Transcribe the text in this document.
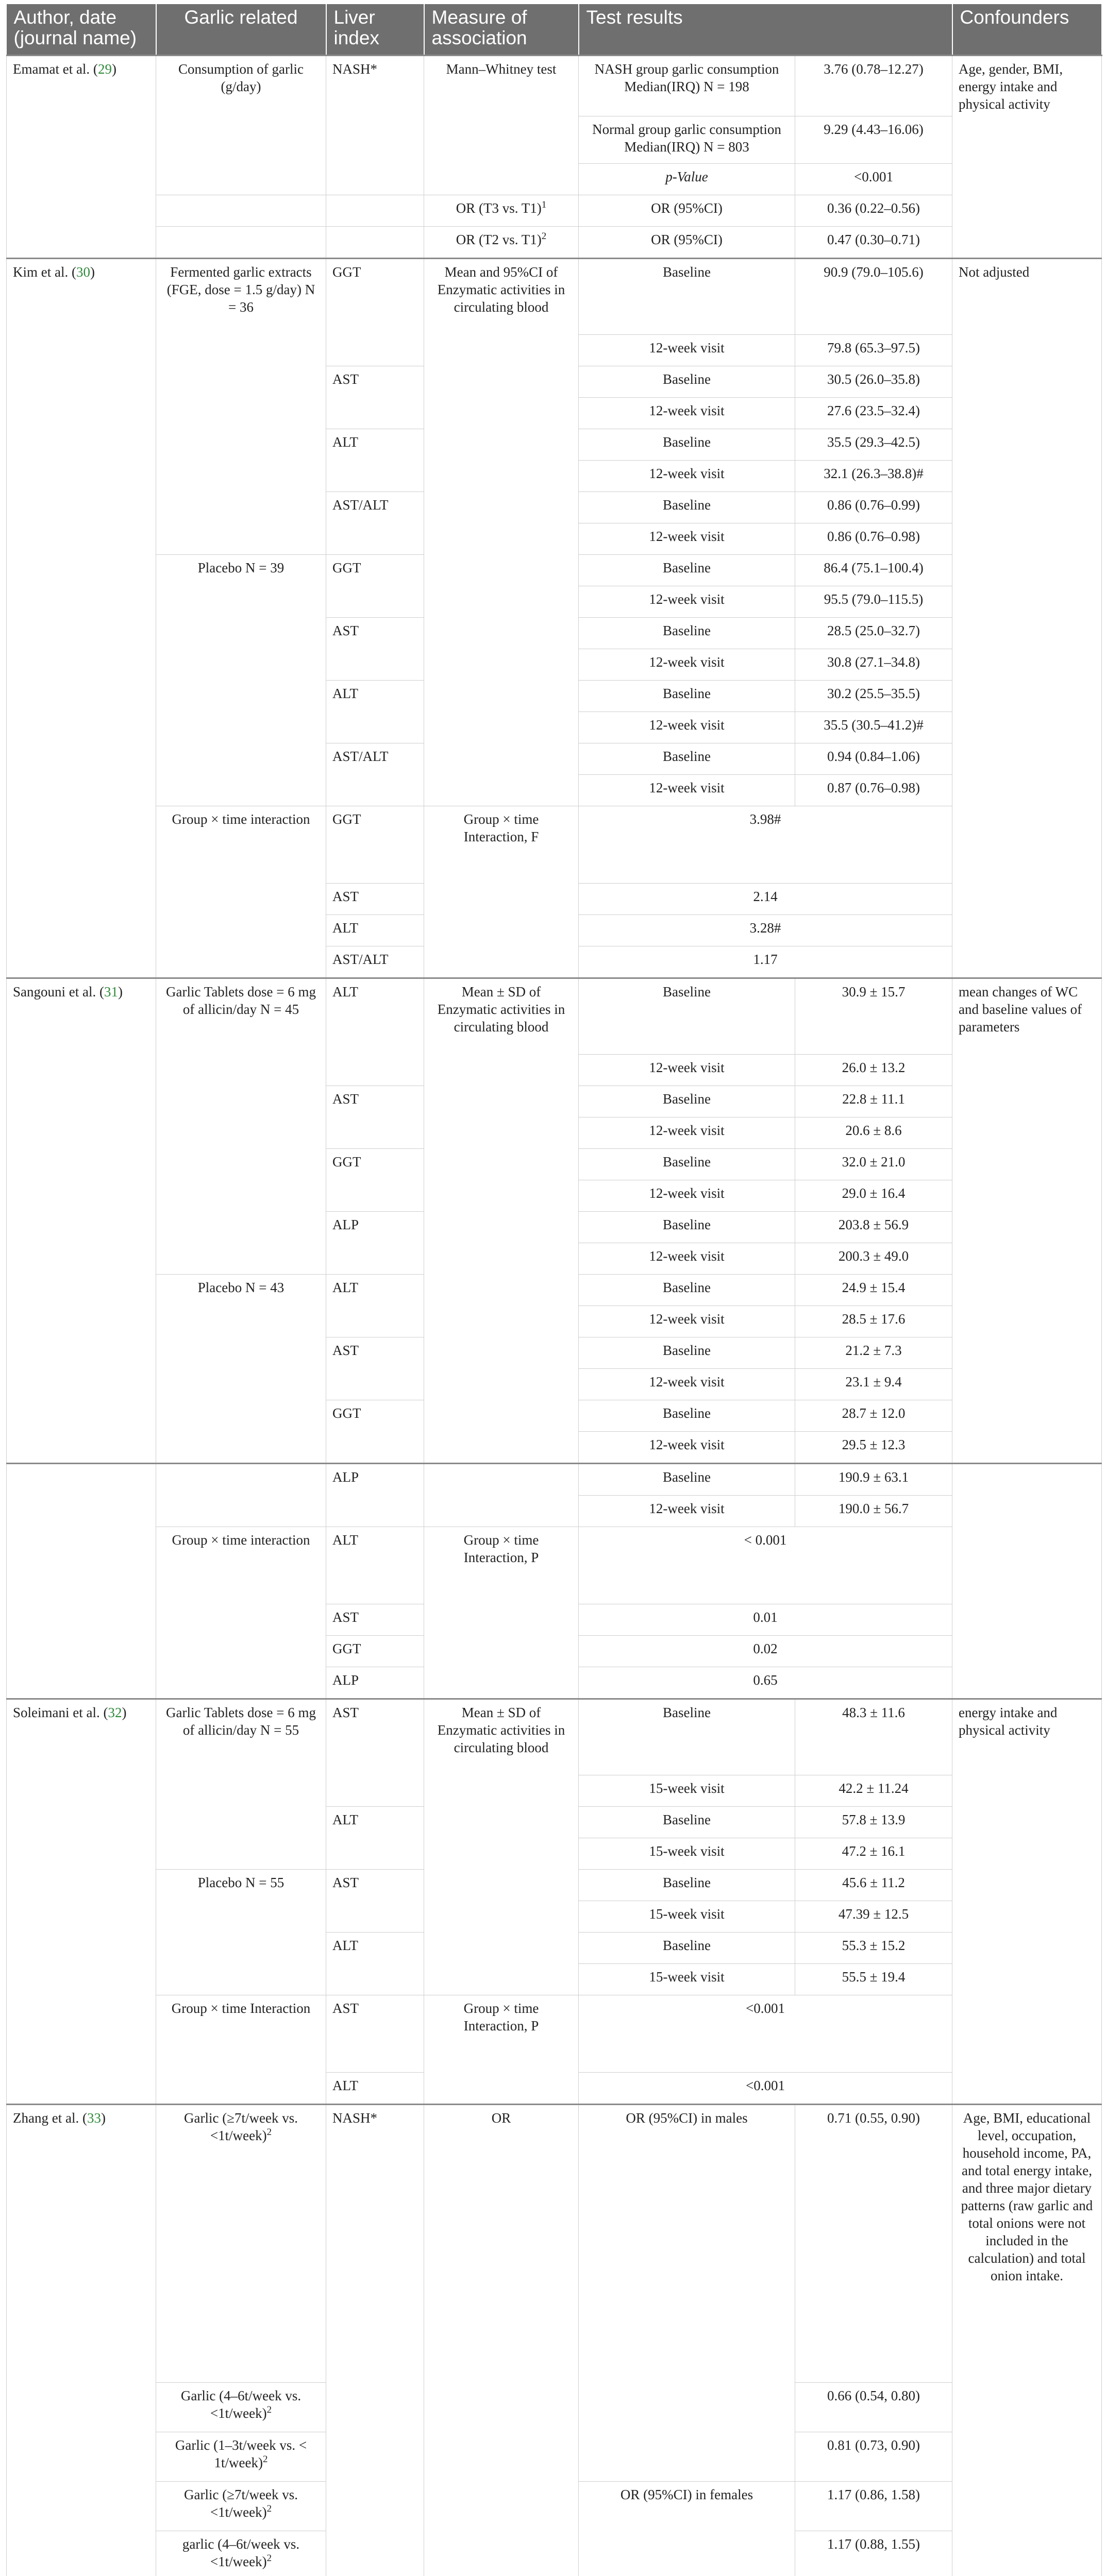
Author, date (journal name)	Garlic related	Liver index	Measure of association	Test results		Confounders
Emamat et al. (29)	Consumption of garlic (g/day)	NASH*	Mann–Whitney test	NASH group garlic consumption Median(IRQ) N = 198	3.76 (0.78–12.27)	Age, gender, BMI, energy intake and physical activity
				Normal group garlic consumption Median(IRQ) N = 803	9.29 (4.43–16.06)	
				p-Value	<0.001	
			OR (T3 vs. T1)$^1$	OR (95%CI)	0.36 (0.22–0.56)	
			OR (T2 vs. T1)$^2$	OR (95%CI)	0.47 (0.30–0.71)	
Kim et al. (30)	Fermented garlic extracts (FGE, dose = 1.5 g/day) N = 36	GGT	Mean and 95%CI of Enzymatic activities in circulating blood	Baseline	90.9 (79.0–105.6)	Not adjusted
				12-week visit	79.8 (65.3–97.5)	
		AST		Baseline	30.5 (26.0–35.8)	
				12-week visit	27.6 (23.5–32.4)	
		ALT		Baseline	35.5 (29.3–42.5)	
				12-week visit	32.1 (26.3–38.8)#	
		AST/ALT		Baseline	0.86 (0.76–0.99)	
				12-week visit	0.86 (0.76–0.98)	
	Placebo N = 39	GGT		Baseline	86.4 (75.1–100.4)	
				12-week visit	95.5 (79.0–115.5)	
		AST		Baseline	28.5 (25.0–32.7)	
				12-week visit	30.8 (27.1–34.8)	
		ALT		Baseline	30.2 (25.5–35.5)	
				12-week visit	35.5 (30.5–41.2)#	
		AST/ALT		Baseline	0.94 (0.84–1.06)	
				12-week visit	0.87 (0.76–0.98)	
	Group × time interaction	GGT	Group × time Interaction, F	3.98#		
		AST		2.14		
		ALT		3.28#		
		AST/ALT		1.17		
Sangouni et al. (31)	Garlic Tablets dose = 6 mg of allicin/day N = 45	ALT	Mean ± SD of Enzymatic activities in circulating blood	Baseline	30.9 ± 15.7	mean changes of WC and baseline values of parameters
				12-week visit	26.0 ± 13.2	
		AST		Baseline	22.8 ± 11.1	
				12-week visit	20.6 ± 8.6	
		GGT		Baseline	32.0 ± 21.0	
				12-week visit	29.0 ± 16.4	
		ALP		Baseline	203.8 ± 56.9	
				12-week visit	200.3 ± 49.0	
	Placebo N = 43	ALT		Baseline	24.9 ± 15.4	
				12-week visit	28.5 ± 17.6	
		AST		Baseline	21.2 ± 7.3	
				12-week visit	23.1 ± 9.4	
		GGT		Baseline	28.7 ± 12.0	
				12-week visit	29.5 ± 12.3	
		ALP		Baseline	190.9 ± 63.1	
				12-week visit	190.0 ± 56.7	
	Group × time interaction	ALT	Group × time Interaction, P	< 0.001		
		AST		0.01		
		GGT		0.02		
		ALP		0.65		
Soleimani et al. (32)	Garlic Tablets dose = 6 mg of allicin/day N = 55	AST	Mean ± SD of Enzymatic activities in circulating blood	Baseline	48.3 ± 11.6	energy intake and physical activity
				15-week visit	42.2 ± 11.24	
		ALT		Baseline	57.8 ± 13.9	
				15-week visit	47.2 ± 16.1	
	Placebo N = 55	AST		Baseline	45.6 ± 11.2	
				15-week visit	47.39 ± 12.5	
		ALT		Baseline	55.3 ± 15.2	
				15-week visit	55.5 ± 19.4	
	Group × time Interaction	AST	Group × time Interaction, P	<0.001		
		ALT		<0.001		
Zhang et al. (33)	Garlic (≥7t/week vs. <1t/week)$^2$	NASH*	OR	OR (95%CI) in males	0.71 (0.55, 0.90)	Age, BMI, educational level, occupation, household income, PA, and total energy intake, and three major dietary patterns (raw garlic and total onions were not included in the calculation) and total onion intake.
	Garlic (4–6t/week vs. <1t/week)$^2$				0.66 (0.54, 0.80)	
	Garlic (1–3t/week vs. < 1t/week)$^2$				0.81 (0.73, 0.90)	
	Garlic (≥7t/week vs. <1t/week)$^2$			OR (95%CI) in females	1.17 (0.86, 1.58)	
	garlic (4–6t/week vs. <1t/week)$^2$				1.17 (0.88, 1.55)	
